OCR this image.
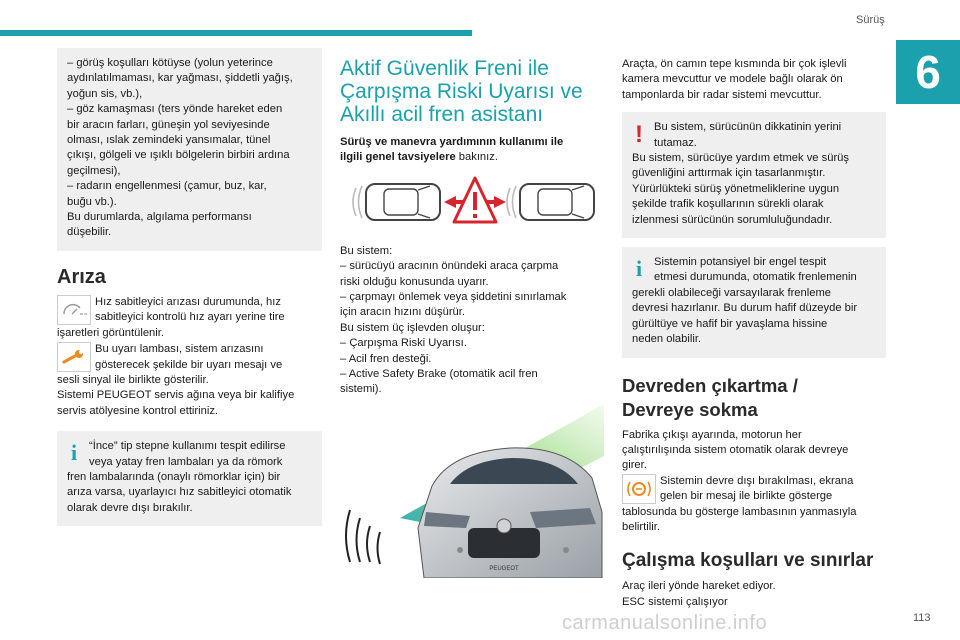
Sürüş
6

– görüş koşulları kötüyse (yolun yeterince

aydınlatılmaması, kar yağması, şiddetli yağış,

yoğun sis, vb.),

– göz kamaşması (ters yönde hareket eden

bir aracın farları, güneşin yol seviyesinde

olması, ıslak zemindeki yansımalar, tünel

çıkışı, gölgeli ve ışıklı bölgelerin birbiri ardına

geçilmesi),

– radarın engellenmesi (çamur, buz, kar,

buğu vb.).

Bu durumlarda, algılama performansı

düşebilir.

Arıza

Hız sabitleyici arızası durumunda, hız

sabitleyici kontrolü hız ayarı yerine tire

işaretleri görüntülenir.

Bu uyarı lambası, sistem arızasını

gösterecek şekilde bir uyarı mesajı ve

sesli sinyal ile birlikte gösterilir.

Sistemi PEUGEOT servis ağına veya bir kalifiye

servis atölyesine kontrol ettiriniz.

i	“İnce” tip stepne kullanımı tespit edilirse

veya yatay fren lambaları ya da römork

fren lambalarında (onaylı römorklar için) bir

arıza varsa, uyarlayıcı hız sabitleyici otomatik

olarak devre dışı bırakılır.

Aktif Güvenlik Freni ile

Çarpışma Riski Uyarısı ve

Akıllı acil fren asistanı

Sürüş ve manevra yardımının kullanımı ile

ilgili genel tavsiyelere bakınız.

Bu sistem:

– sürücüyü aracının önündeki araca çarpma

riski olduğu konusunda uyarır.

– çarpmayı önlemek veya şiddetini sınırlamak

için aracın hızını düşürür.

Bu sistem üç işlevden oluşur:

– Çarpışma Riski Uyarısı.

– Acil fren desteği.

– Active Safety Brake (otomatik acil fren

sistemi).

PEUGEOT

Araçta, ön camın tepe kısmında bir çok işlevli

kamera mevcuttur ve modele bağlı olarak ön

tamponlarda bir radar sistemi mevcuttur.

! Bu sistem, sürücünün dikkatinin yerini

tutamaz.

Bu sistem, sürücüye yardım etmek ve sürüş

güvenliğini arttırmak için tasarlanmıştır.

Yürürlükteki sürüş yönetmeliklerine uygun

şekilde trafik koşullarının sürekli olarak

izlenmesi sürücünün sorumluluğundadır.

i	Sistemin potansiyel bir engel tespit

etmesi durumunda, otomatik frenlemenin

gerekli olabileceği varsayılarak frenleme

devresi hazırlanır. Bu durum hafif düzeyde bir

gürültüye ve hafif bir yavaşlama hissine

neden olabilir.

Devreden çıkartma /

Devreye sokma

Fabrika çıkışı ayarında, motorun her

çalıştırılışında sistem otomatik olarak devreye

girer.

Sistemin devre dışı bırakılması, ekrana

gelen bir mesaj ile birlikte gösterge

tablosunda bu gösterge lambasının yanmasıyla

belirtilir.

Çalışma koşulları ve sınırlar

Araç ileri yönde hareket ediyor.

ESC sistemi çalışıyor

carmanualsonline.info	113
